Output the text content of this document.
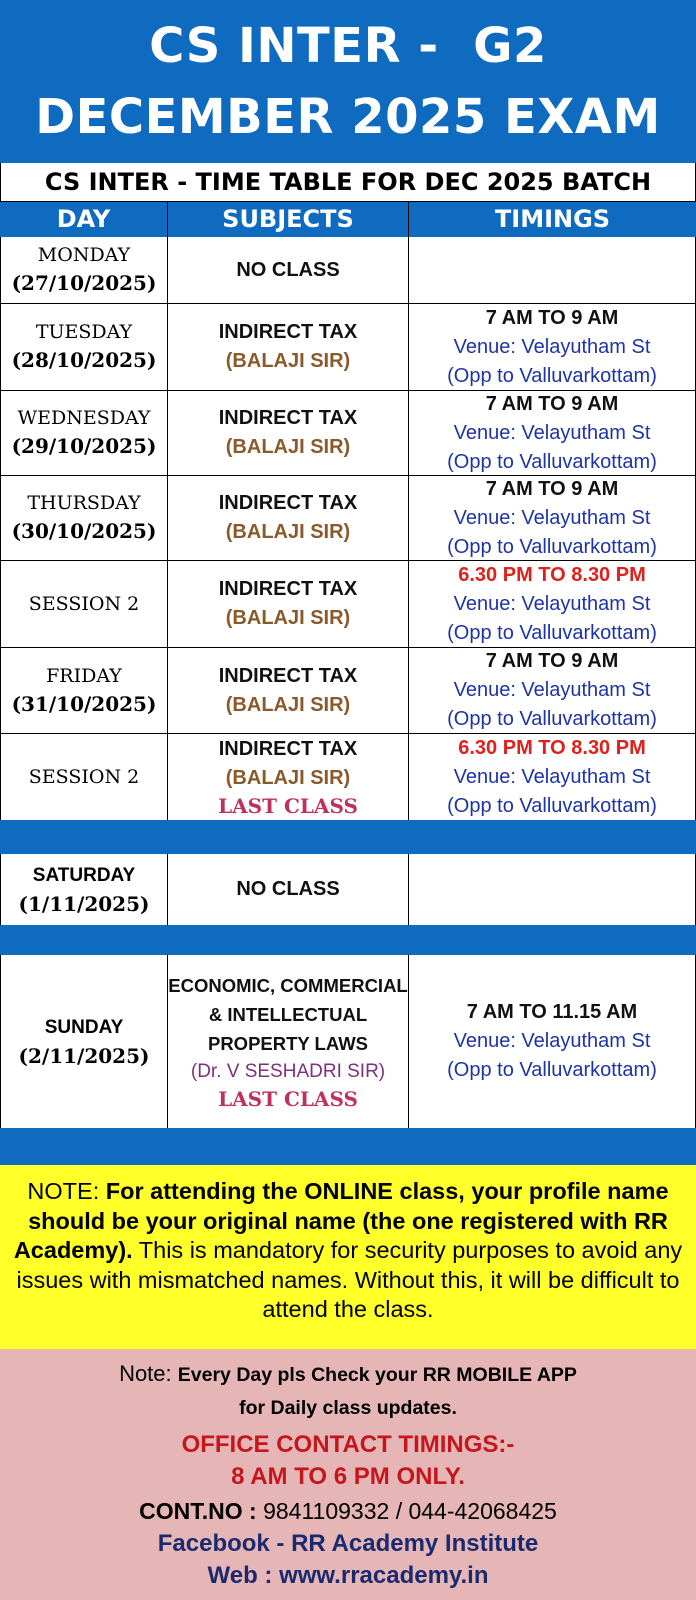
CS INTER -  G2
DECEMBER 2025 EXAM
CS INTER - TIME TABLE FOR DEC 2025 BATCH
DAY	SUBJECTS	TIMINGS
MONDAY
(27/10/2025)
NO CLASS
TUESDAY
(28/10/2025)
INDIRECT TAX
(BALAJI SIR)
7 AM TO 9 AM
Venue: Velayutham St
(Opp to Valluvarkottam)
WEDNESDAY
(29/10/2025)
INDIRECT TAX
(BALAJI SIR)
7 AM TO 9 AM
Venue: Velayutham St
(Opp to Valluvarkottam)
THURSDAY
(30/10/2025)
INDIRECT TAX
(BALAJI SIR)
7 AM TO 9 AM
Venue: Velayutham St
(Opp to Valluvarkottam)
SESSION 2
INDIRECT TAX
(BALAJI SIR)
6.30 PM TO 8.30 PM
Venue: Velayutham St
(Opp to Valluvarkottam)
FRIDAY
(31/10/2025)
INDIRECT TAX
(BALAJI SIR)
7 AM TO 9 AM
Venue: Velayutham St
(Opp to Valluvarkottam)
SESSION 2
INDIRECT TAX
(BALAJI SIR)
LAST CLASS
6.30 PM TO 8.30 PM
Venue: Velayutham St
(Opp to Valluvarkottam)
SATURDAY
(1/11/2025)
NO CLASS
SUNDAY
(2/11/2025)
ECONOMIC, COMMERCIAL
& INTELLECTUAL
PROPERTY LAWS
(Dr. V SESHADRI SIR)
LAST CLASS
7 AM TO 11.15 AM
Venue: Velayutham St
(Opp to Valluvarkottam)
NOTE: For attending the ONLINE class, your profile name should be your original name (the one registered with RR Academy). This is mandatory for security purposes to avoid any issues with mismatched names. Without this, it will be difficult to attend the class.
Note: Every Day pls Check your RR MOBILE APP
for Daily class updates.
OFFICE CONTACT TIMINGS:-
8 AM TO 6 PM ONLY.
CONT.NO : 9841109332 / 044-42068425
Facebook - RR Academy Institute
Web : www.rracademy.in
